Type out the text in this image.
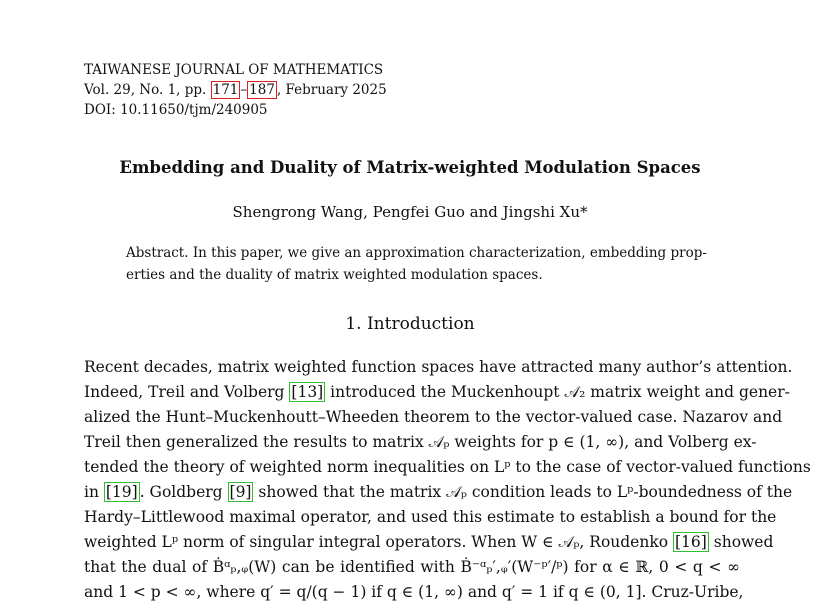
TAIWANESE JOURNAL OF MATHEMATICS
Vol. 29, No. 1, pp. 171 – 187 , February 2025
DOI: 10.11650/tjm/240905
Embedding and Duality of Matrix-weighted Modulation Spaces
Shengrong Wang, Pengfei Guo and Jingshi Xu*
Abstract. In this paper, we give an approximation characterization, embedding prop-
erties and the duality of matrix weighted modulation spaces.
1. Introduction
Recent decades, matrix weighted function spaces have attracted many author’s attention.
Indeed, Treil and Volberg [13] introduced the Muckenhoupt 𝒜₂ matrix weight and gener-
alized the Hunt–Muckenhoutt–Wheeden theorem to the vector-valued case. Nazarov and
Treil then generalized the results to matrix 𝒜ₚ weights for p ∈ (1, ∞), and Volberg ex-
tended the theory of weighted norm inequalities on Lᵖ to the case of vector-valued functions
in [19] . Goldberg [9] showed that the matrix 𝒜ₚ condition leads to Lᵖ-boundedness of the
Hardy–Littlewood maximal operator, and used this estimate to establish a bound for the
weighted Lᵖ norm of singular integral operators. When W ∈ 𝒜ₚ, Roudenko [16] showed
that the dual of Ḃᵅₚ,ᵩ(W) can be identified with Ḃ⁻ᵅₚ′,ᵩ′(W⁻ᵖ′/ᵖ) for α ∈ ℝ, 0 < q < ∞
and 1 < p < ∞, where q′ = q/(q − 1) if q ∈ (1, ∞) and q′ = 1 if q ∈ (0, 1]. Cruz-Uribe,
